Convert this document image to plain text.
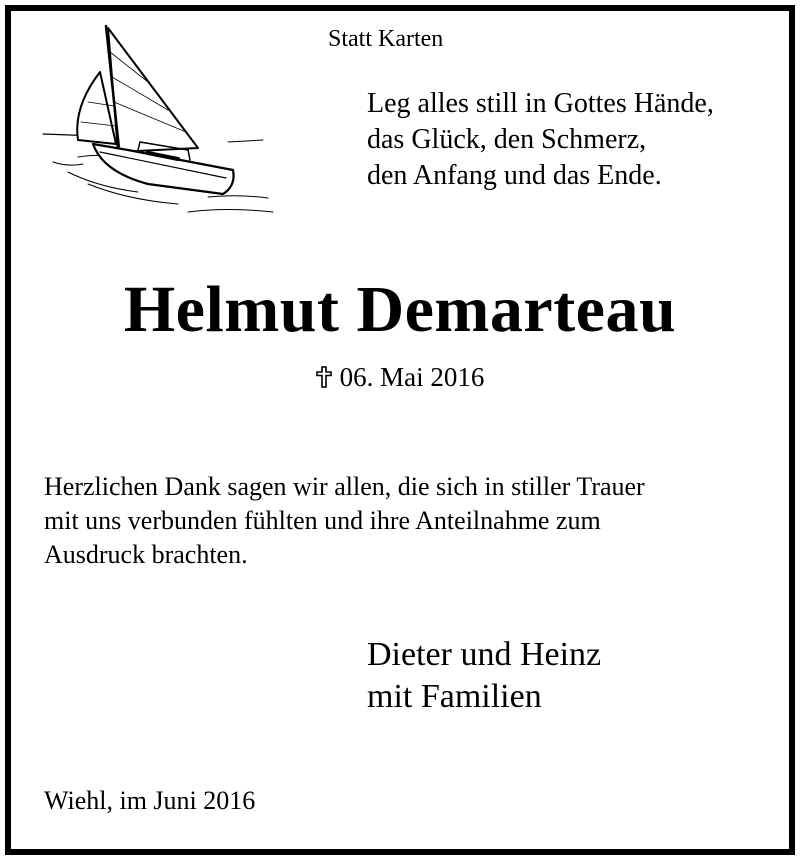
Statt Karten
Leg alles still in Gottes Hände,
das Glück, den Schmerz,
den Anfang und das Ende.
Helmut Demarteau
06. Mai 2016
Herzlichen Dank sagen wir allen, die sich in stiller Trauer
mit uns verbunden fühlten und ihre Anteilnahme zum
Ausdruck brachten.
Dieter und Heinz
mit Familien
Wiehl, im Juni 2016
